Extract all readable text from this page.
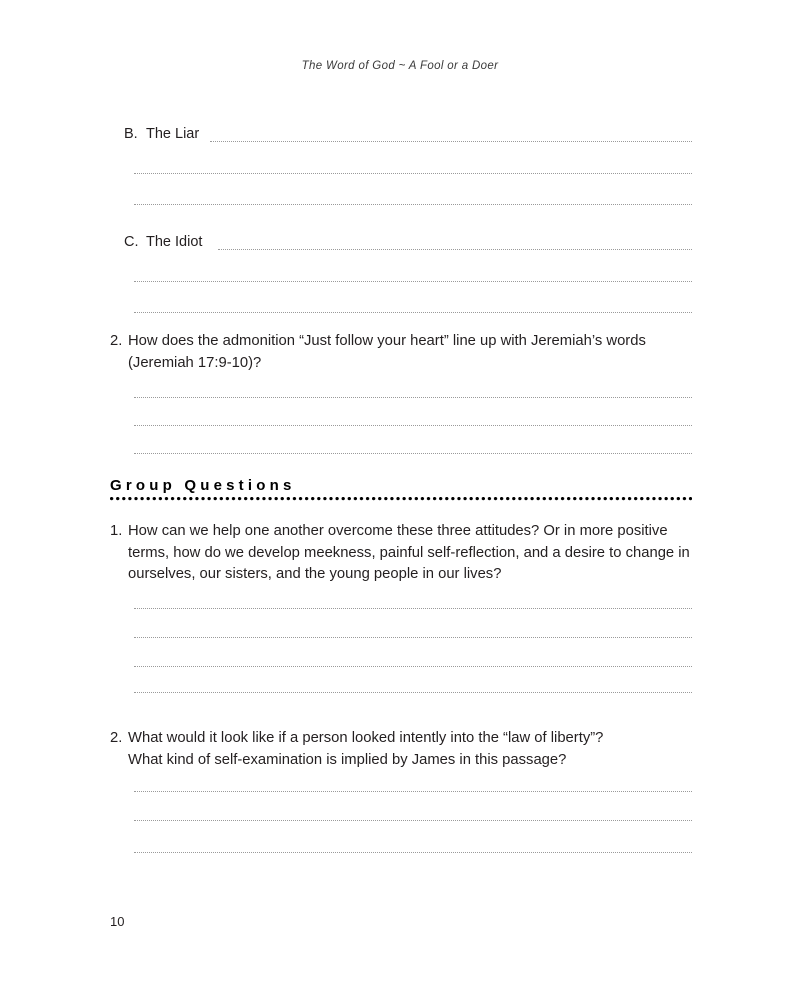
The Word of God ~ A Fool or a Doer
B. The Liar
C. The Idiot
2. How does the admonition “Just follow your heart” line up with Jeremiah’s words
(Jeremiah 17:9-10)?
Group Questions
1. How can we help one another overcome these three attitudes? Or in more positive
terms, how do we develop meekness, painful self-reflection, and a desire to change in
ourselves, our sisters, and the young people in our lives?
2. What would it look like if a person looked intently into the “law of liberty”?
What kind of self-examination is implied by James in this passage?
10
